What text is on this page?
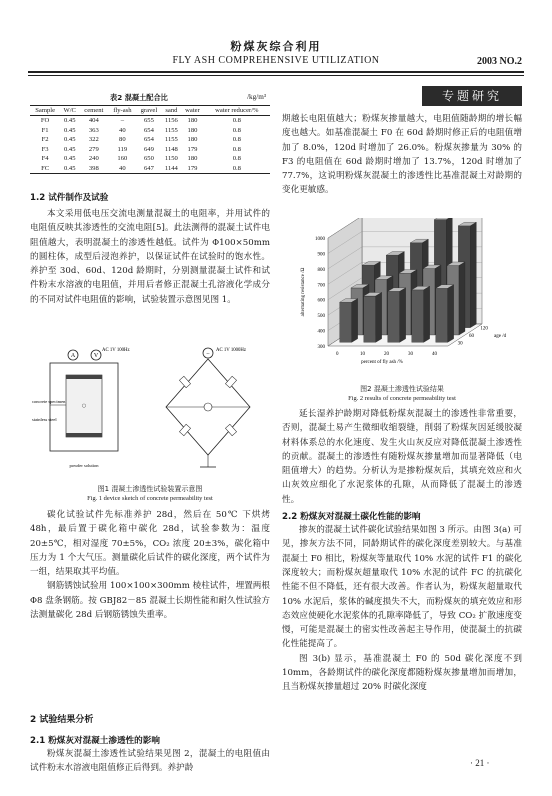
粉煤灰综合利用
FLY ASH COMPREHENSIVE UTILIZATION	2003 NO.2
专题研究
表2 混凝土配合比	/kg/m³
Sample	W/C	cement	fly-ash	gravel	sand	water	water reducer/%
FO	0.45	404	–	655	1156	180	0.8
F1	0.45	363	40	654	1155	180	0.8
F2	0.45	322	80	654	1155	180	0.8
F3	0.45	279	119	649	1148	179	0.8
F4	0.45	240	160	650	1150	180	0.8
FC	0.45	398	40	647	1144	179	0.8
1.2 试件制作及试验

本文采用低电压交流电测量混凝土的电阻率，并用试件的电阻值反映其渗透性的交流电阻[5]。此法测得的混凝土试件电阻值越大，表明混凝土的渗透性越低。试件为 Φ100×50mm 的圆柱体，成型后浸泡养护，以保证试件在试验时的饱水性。养护至 30d、60d、120d 龄期时，分别测量混凝土试件和试件粉末水溶液的电阻值，并用后者修正混凝土孔溶液化学成分的不同对试件电阻值的影响，试验装置示意图见图 1。

A	V
○
concrete specimen
stainless steel
powder solution
AC 1V 100Hz
~
AC 1V 1000Hz
图1 混凝土渗透性试验装置示意图
Fig. 1 device sketch of concrete permeability test

碳化试验试件先标准养护 28d，然后在 50℃ 下烘烤 48h，最后置于碳化箱中碳化 28d，试验参数为：温度 20±5℃，相对湿度 70±5%，CO₂ 浓度 20±3%，碳化箱中压力为 1 个大气压。测量碳化后试件的碳化深度，两个试件为一组，结果取其平均值。

钢筋锈蚀试验用 100×100×300mm 棱柱试件，埋置两根 Φ8 盘条钢筋。按 GBJ82－85 混凝土长期性能和耐久性试验方法测量碳化 28d 后钢筋锈蚀失重率。

2 试验结果分析
2.1 粉煤灰对混凝土渗透性的影响

粉煤灰混凝土渗透性试验结果见图 2，混凝土的电阻值由试件粉末水溶液电阻值修正后得到。养护龄

期越长电阻值越大；粉煤灰掺量越大，电阻值随龄期的增长幅度也越大。如基准混凝土 F0 在 60d 龄期时修正后的电阻值增加了 8.0%，120d 时增加了 26.0%。粉煤灰掺量为 30% 的 F3 的电阻值在 60d 龄期时增加了 13.7%，120d 时增加了 77.7%，这说明粉煤灰混凝土的渗透性比基准混凝土对龄期的变化更敏感。

300
400
500
600
700
800
900
1000
0	10	20	30	40
30
60
120
percent of fly ash /%
alternating resistance /Ω
age /d
图2 混凝土渗透性试验结果
Fig. 2 results of concrete permeability test

延长湿养护龄期对降低粉煤灰混凝土的渗透性非常重要，否则，混凝土易产生微细收缩裂缝，削弱了粉煤灰因延缓胶凝材料体系总的水化速度、发生火山灰反应对降低混凝土渗透性的贡献。混凝土的渗透性有随粉煤灰掺量增加而显著降低（电阻值增大）的趋势。分析认为是掺粉煤灰后，其填充效应和火山灰效应细化了水泥浆体的孔隙，从而降低了混凝土的渗透性。

2.2 粉煤灰对混凝土碳化性能的影响

掺灰的混凝土试件碳化试验结果如图 3 所示。由图 3(a) 可见，掺灰方法不同，同龄期试件的碳化深度差别较大。与基准混凝土 F0 相比，粉煤灰等量取代 10% 水泥的试件 F1 的碳化深度较大；而粉煤灰超量取代 10% 水泥的试件 FC 的抗碳化性能不但不降低，还有很大改善。作者认为，粉煤灰超量取代 10% 水泥后，浆体的碱度损失不大，而粉煤灰的填充效应和形态效应使硬化水泥浆体的孔隙率降低了，导致 CO₂ 扩散速度变慢，可能是混凝土的密实性改善起主导作用，使混凝土的抗碳化性能提高了。

图 3(b) 显示，基准混凝土 F0 的 50d 碳化深度不到 10mm，各龄期试件的碳化深度都随粉煤灰掺量增加而增加，且当粉煤灰掺量超过 20% 时碳化深度

· 21 ·
